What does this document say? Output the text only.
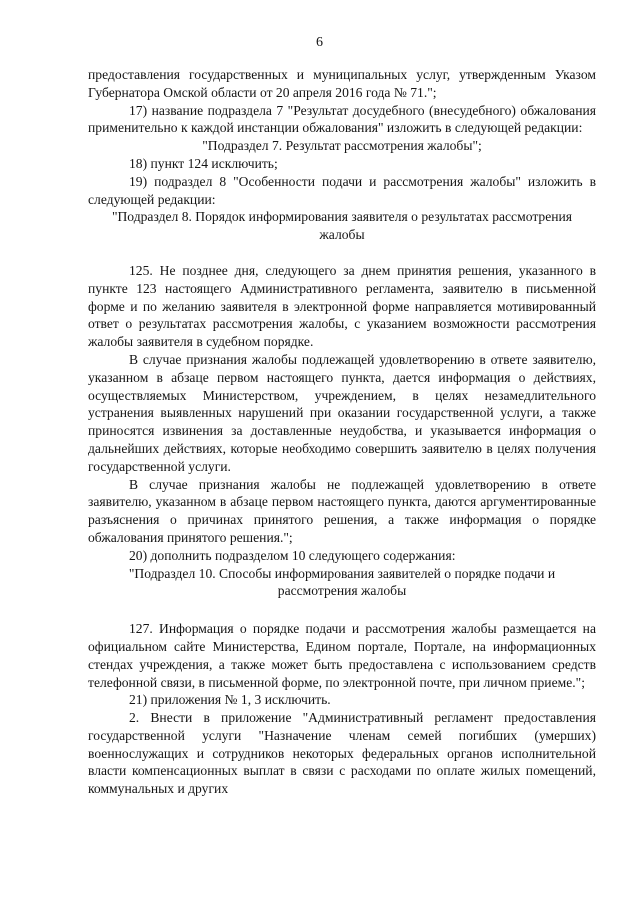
6

предоставления государственных и муниципальных услуг, утвержденным Указом Губернатора Омской области от 20 апреля 2016 года № 71.";

17) название подраздела 7 "Результат досудебного (внесудебного) обжалования применительно к каждой инстанции обжалования" изложить в следующей редакции:

"Подраздел 7. Результат рассмотрения жалобы";

18) пункт 124 исключить;

19) подраздел 8 "Особенности подачи и рассмотрения жалобы" изложить в следующей редакции:

"Подраздел 8. Порядок информирования заявителя о результатах рассмотрения жалобы

125. Не позднее дня, следующего за днем принятия решения, указанного в пункте 123 настоящего Административного регламента, заявителю в письменной форме и по желанию заявителя в электронной форме направляется мотивированный ответ о результатах рассмотрения жалобы, с указанием возможности рассмотрения жалобы заявителя в судебном порядке.

В случае признания жалобы подлежащей удовлетворению в ответе заявителю, указанном в абзаце первом настоящего пункта, дается информация о действиях, осуществляемых Министерством, учреждением, в целях незамедлительного устранения выявленных нарушений при оказании государственной услуги, а также приносятся извинения за доставленные неудобства, и указывается информация о дальнейших действиях, которые необходимо совершить заявителю в целях получения государственной услуги.

В случае признания жалобы не подлежащей удовлетворению в ответе заявителю, указанном в абзаце первом настоящего пункта, даются аргументированные разъяснения о причинах принятого решения, а также информация о порядке обжалования принятого решения.";

20) дополнить подразделом 10 следующего содержания:

"Подраздел 10. Способы информирования заявителей о порядке подачи и рассмотрения жалобы

127. Информация о порядке подачи и рассмотрения жалобы размещается на официальном сайте Министерства, Едином портале, Портале, на информационных стендах учреждения, а также может быть предоставлена с использованием средств телефонной связи, в письменной форме, по электронной почте, при личном приеме.";

21) приложения № 1, 3 исключить.

2. Внести в приложение "Административный регламент предоставления государственной услуги "Назначение членам семей погибших (умерших) военнослужащих и сотрудников некоторых федеральных органов исполнительной власти компенсационных выплат в связи с расходами по оплате жилых помещений, коммунальных и других
